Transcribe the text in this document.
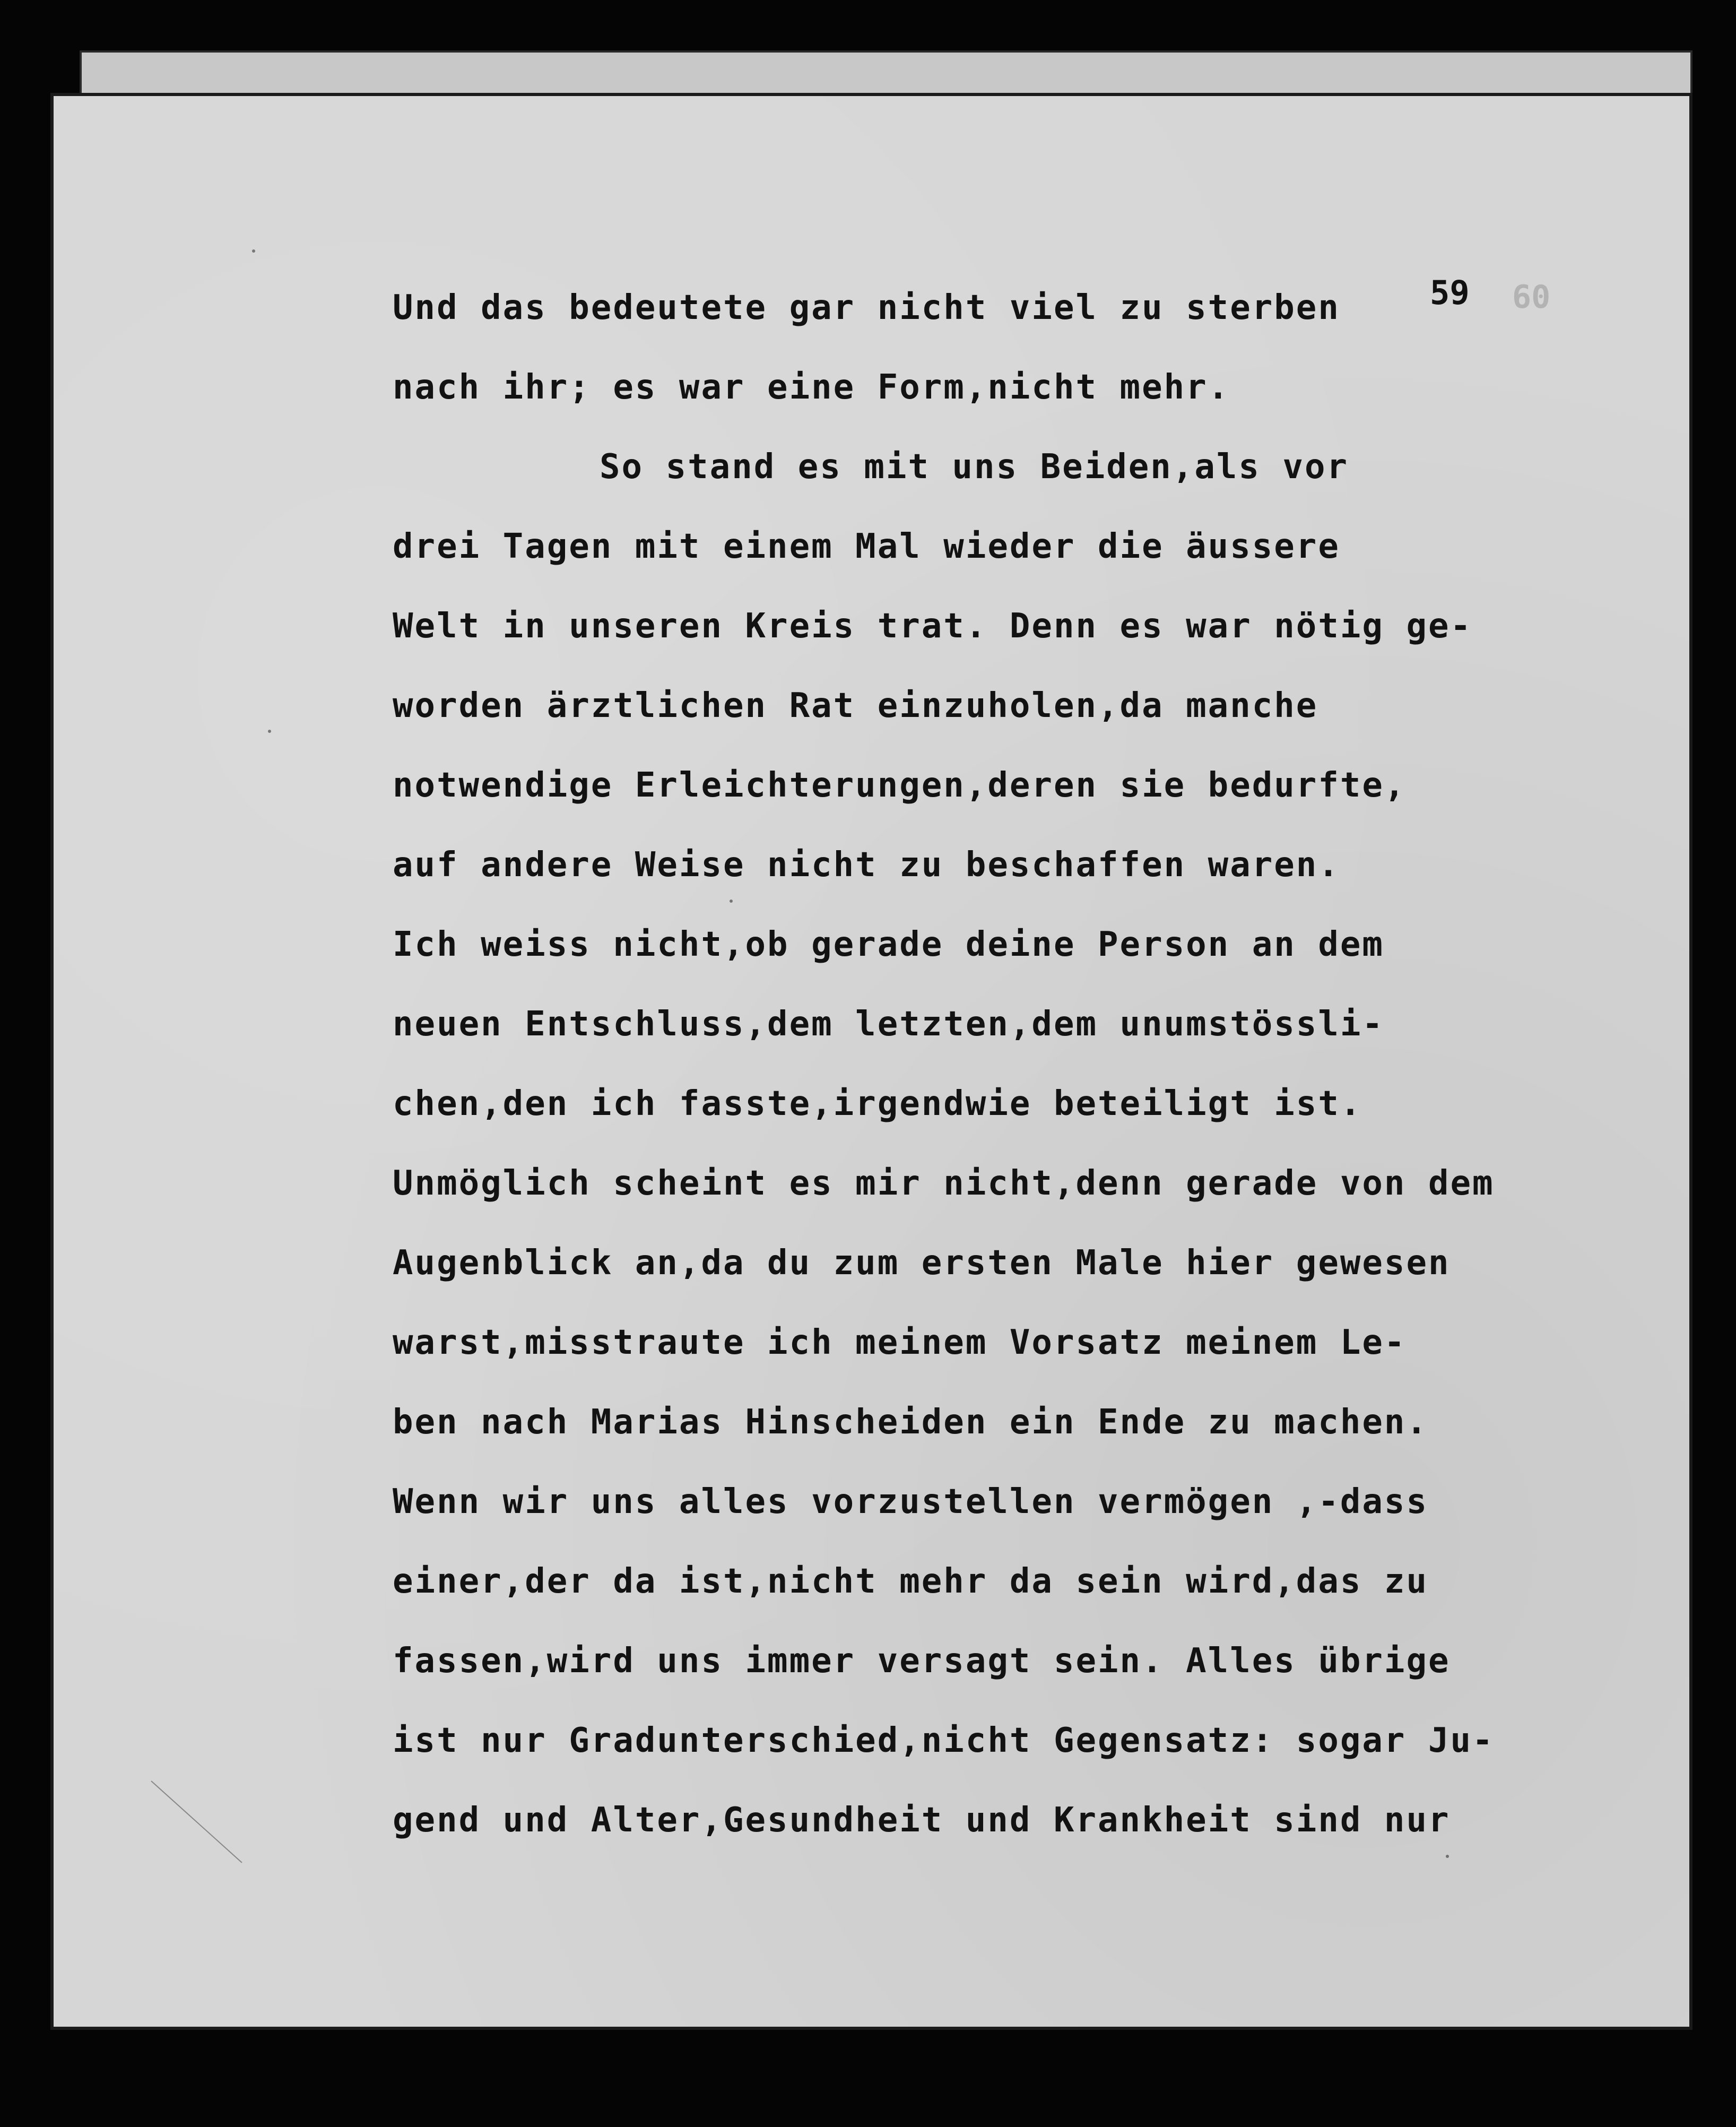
60

59

Und das bedeutete gar nicht viel zu sterben
nach ihr; es war eine Form,nicht mehr.
So stand es mit uns Beiden,als vor
drei Tagen mit einem Mal wieder die äussere
Welt in unseren Kreis trat. Denn es war nötig ge-
worden ärztlichen Rat einzuholen,da manche
notwendige Erleichterungen,deren sie bedurfte,
auf andere Weise nicht zu beschaffen waren.
Ich weiss nicht,ob gerade deine Person an dem
neuen Entschluss,dem letzten,dem unumstössli-
chen,den ich fasste,irgendwie beteiligt ist.
Unmöglich scheint es mir nicht,denn gerade von dem
Augenblick an,da du zum ersten Male hier gewesen
warst,misstraute ich meinem Vorsatz meinem Le-
ben nach Marias Hinscheiden ein Ende zu machen.
Wenn wir uns alles vorzustellen vermögen ,-dass
einer,der da ist,nicht mehr da sein wird,das zu
fassen,wird uns immer versagt sein. Alles übrige
ist nur Gradunterschied,nicht Gegensatz: sogar Ju-
gend und Alter,Gesundheit und Krankheit sind nur
